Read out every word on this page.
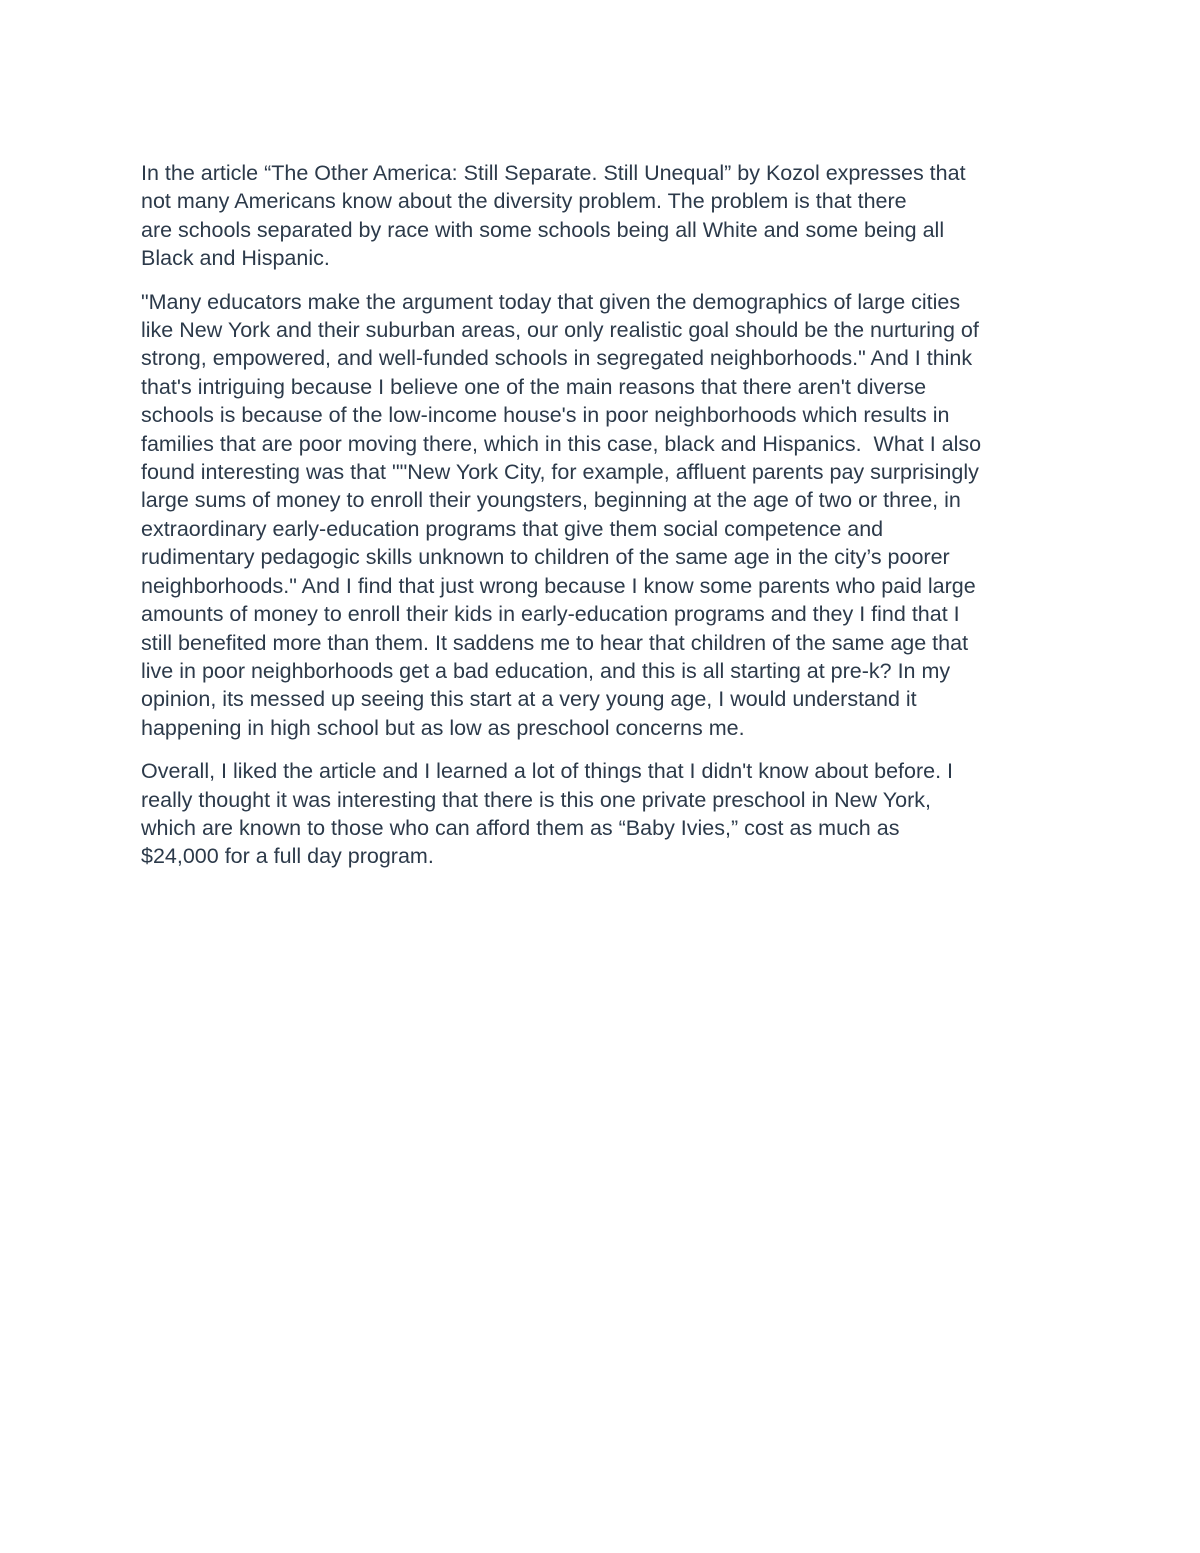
In the article “The Other America: Still Separate. Still Unequal” by Kozol expresses that
not many Americans know about the diversity problem. The problem is that there
are schools separated by race with some schools being all White and some being all
Black and Hispanic.

"Many educators make the argument today that given the demographics of large cities
like New York and their suburban areas, our only realistic goal should be the nurturing of
strong, empowered, and well-funded schools in segregated neighborhoods." And I think
that's intriguing because I believe one of the main reasons that there aren't diverse
schools is because of the low-income house's in poor neighborhoods which results in
families that are poor moving there, which in this case, black and Hispanics.  What I also
found interesting was that ""New York City, for example, affluent parents pay surprisingly
large sums of money to enroll their youngsters, beginning at the age of two or three, in
extraordinary early-education programs that give them social competence and
rudimentary pedagogic skills unknown to children of the same age in the city’s poorer
neighborhoods." And I find that just wrong because I know some parents who paid large
amounts of money to enroll their kids in early-education programs and they I find that I
still benefited more than them. It saddens me to hear that children of the same age that
live in poor neighborhoods get a bad education, and this is all starting at pre-k? In my
opinion, its messed up seeing this start at a very young age, I would understand it
happening in high school but as low as preschool concerns me.

Overall, I liked the article and I learned a lot of things that I didn't know about before. I
really thought it was interesting that there is this one private preschool in New York,
which are known to those who can afford them as “Baby Ivies,” cost as much as
$24,000 for a full day program.
